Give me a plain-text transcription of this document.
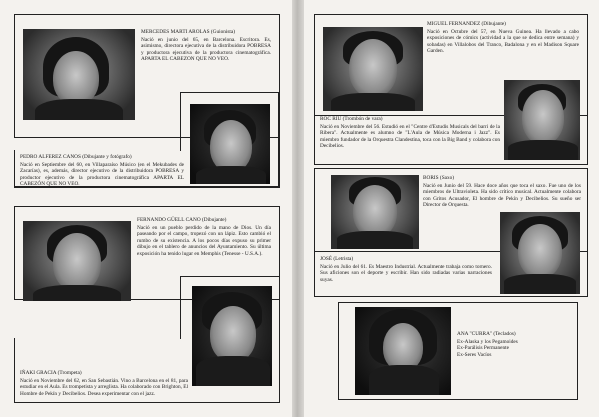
MERCEDES MARTI AROLAS (Guionista)
Nació en junio del 65, en Barcelona. Escritora. Es, asimismo, directora ejecutiva de la distribuidora POBRESA y productora ejecutiva de la productora cinematográfica. APARTA EL CABEZON QUE NO VEO.
PEDRO ALFEREZ CANOS (Dibujante y fotógrafo)
Nació en Septiembre del 60, en Villaparaíso Músico (en el Mekubades de Zacarías), es, además, director ejecutivo de la distribuidora POBRESA y productor ejecutivo de la productora cinematográfica APARTA EL CABEZÓN QUE NO VEO.
FERNANDO GÜELL CANO (Dibujante)
Nació en un pueblo perdido de la mano de Dios. Un día paseando por el campo, tropezó con un lápiz. Esto cambió el rumbo de su existencia. A los pocos días expuso su primer dibujo en el tablero de anuncios del Ayuntamiento. Su última exposición ha tenido lugar en Memphis (Tenesse - U.S.A.).
IÑAKI GRACIA (Trompeta)
Nació en Noviembre del 62, en San Sebastián. Vino a Barcelona en el 81, para estudiar en el Aula. Es trompetista y arreglista. Ha colaborado con Brighton, El Hombre de Pekín y Decibelios. Desea experimentar con el jazz.
MIGUEL FERNANDEZ (Dibujante)
Nació en Octubre del 57, en Nueva Guinea. Ha llevado a cabo exposiciones de cómics (actividad a la que se dedica entre semana) y sobadas) en Villalobos del Tranco, Badalona y en el Madison Square Garden.
ROC RIU (Trombón de vara)
Nació en Noviembre del 56. Estudió en el "Centre d'Estudis Musicals del barri de la Ribera". Actualmente es alumno de "L'Aula de Música Moderna i Jazz". Es miembro fundador de la Orquestra Clandestina, toca con la Big Band y colabora con Decibelios.
BORIS (Saxo)
Nació en Junio del 59. Hace doce años que toca el saxo. Fue uno de los miembros de Ultravioleta. Ha sido crítico musical. Actualmente colabora con Gritos Acusador, El hombre de Pekín y Decibelios. Su sueño ser Director de Orquesta.
JOSÉ (Letrista)
Nació en Julio del 61. Es Maestro Industrial. Actualmente trabaja como tornero. Sus aficiones son el deporte y escribir. Han sido radiadas varias narraciones suyas.
ANA "CURRA" (Teclados)
Ex-Alaska y los Pegamoides
Ex-Parálisis Permanente
Ex-Seres Vacíos
